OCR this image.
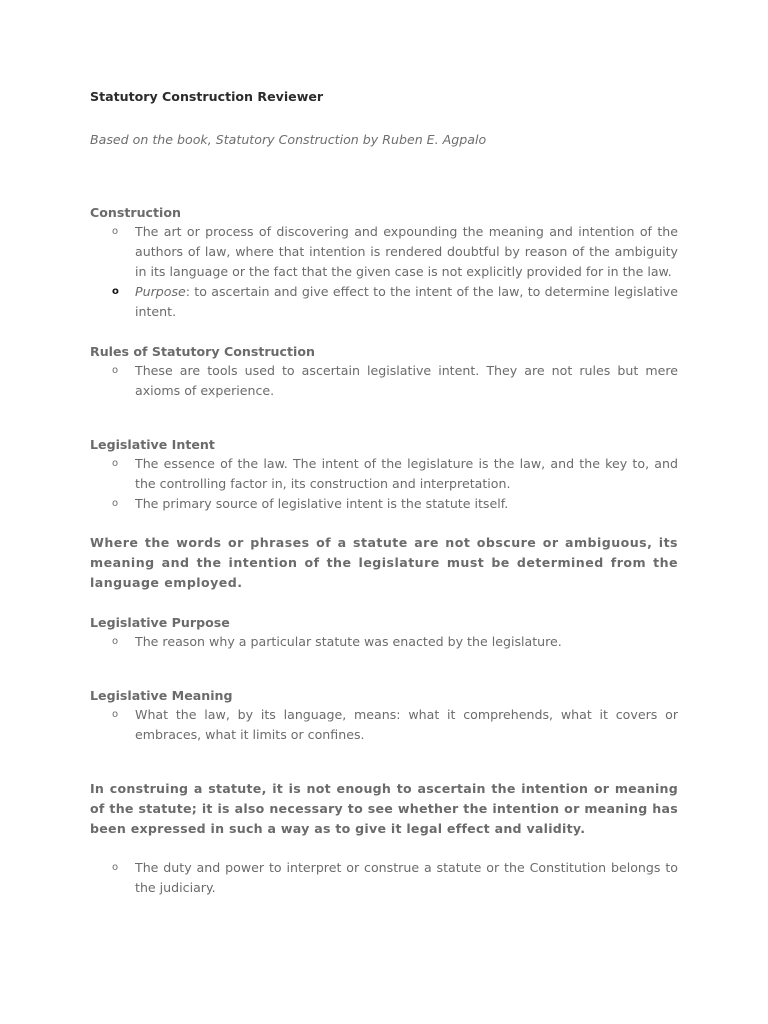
Statutory Construction Reviewer
Based on the book, Statutory Construction by Ruben E. Agpalo
Construction
o The art or process of discovering and expounding the meaning and intention of the authors of law, where that intention is rendered doubtful by reason of the ambiguity in its language or the fact that the given case is not explicitly provided for in the law.
o Purpose: to ascertain and give effect to the intent of the law, to determine legislative intent.
Rules of Statutory Construction
o These are tools used to ascertain legislative intent. They are not rules but mere axioms of experience.
Legislative Intent
o The essence of the law. The intent of the legislature is the law, and the key to, and the controlling factor in, its construction and interpretation.
o The primary source of legislative intent is the statute itself.
Where the words or phrases of a statute are not obscure or ambiguous, its meaning and the intention of the legislature must be determined from the language employed.
Legislative Purpose
o The reason why a particular statute was enacted by the legislature.
Legislative Meaning
o What the law, by its language, means: what it comprehends, what it covers or embraces, what it limits or confines.
In construing a statute, it is not enough to ascertain the intention or meaning of the statute; it is also necessary to see whether the intention or meaning has been expressed in such a way as to give it legal effect and validity.
o The duty and power to interpret or construe a statute or the Constitution belongs to the judiciary.
